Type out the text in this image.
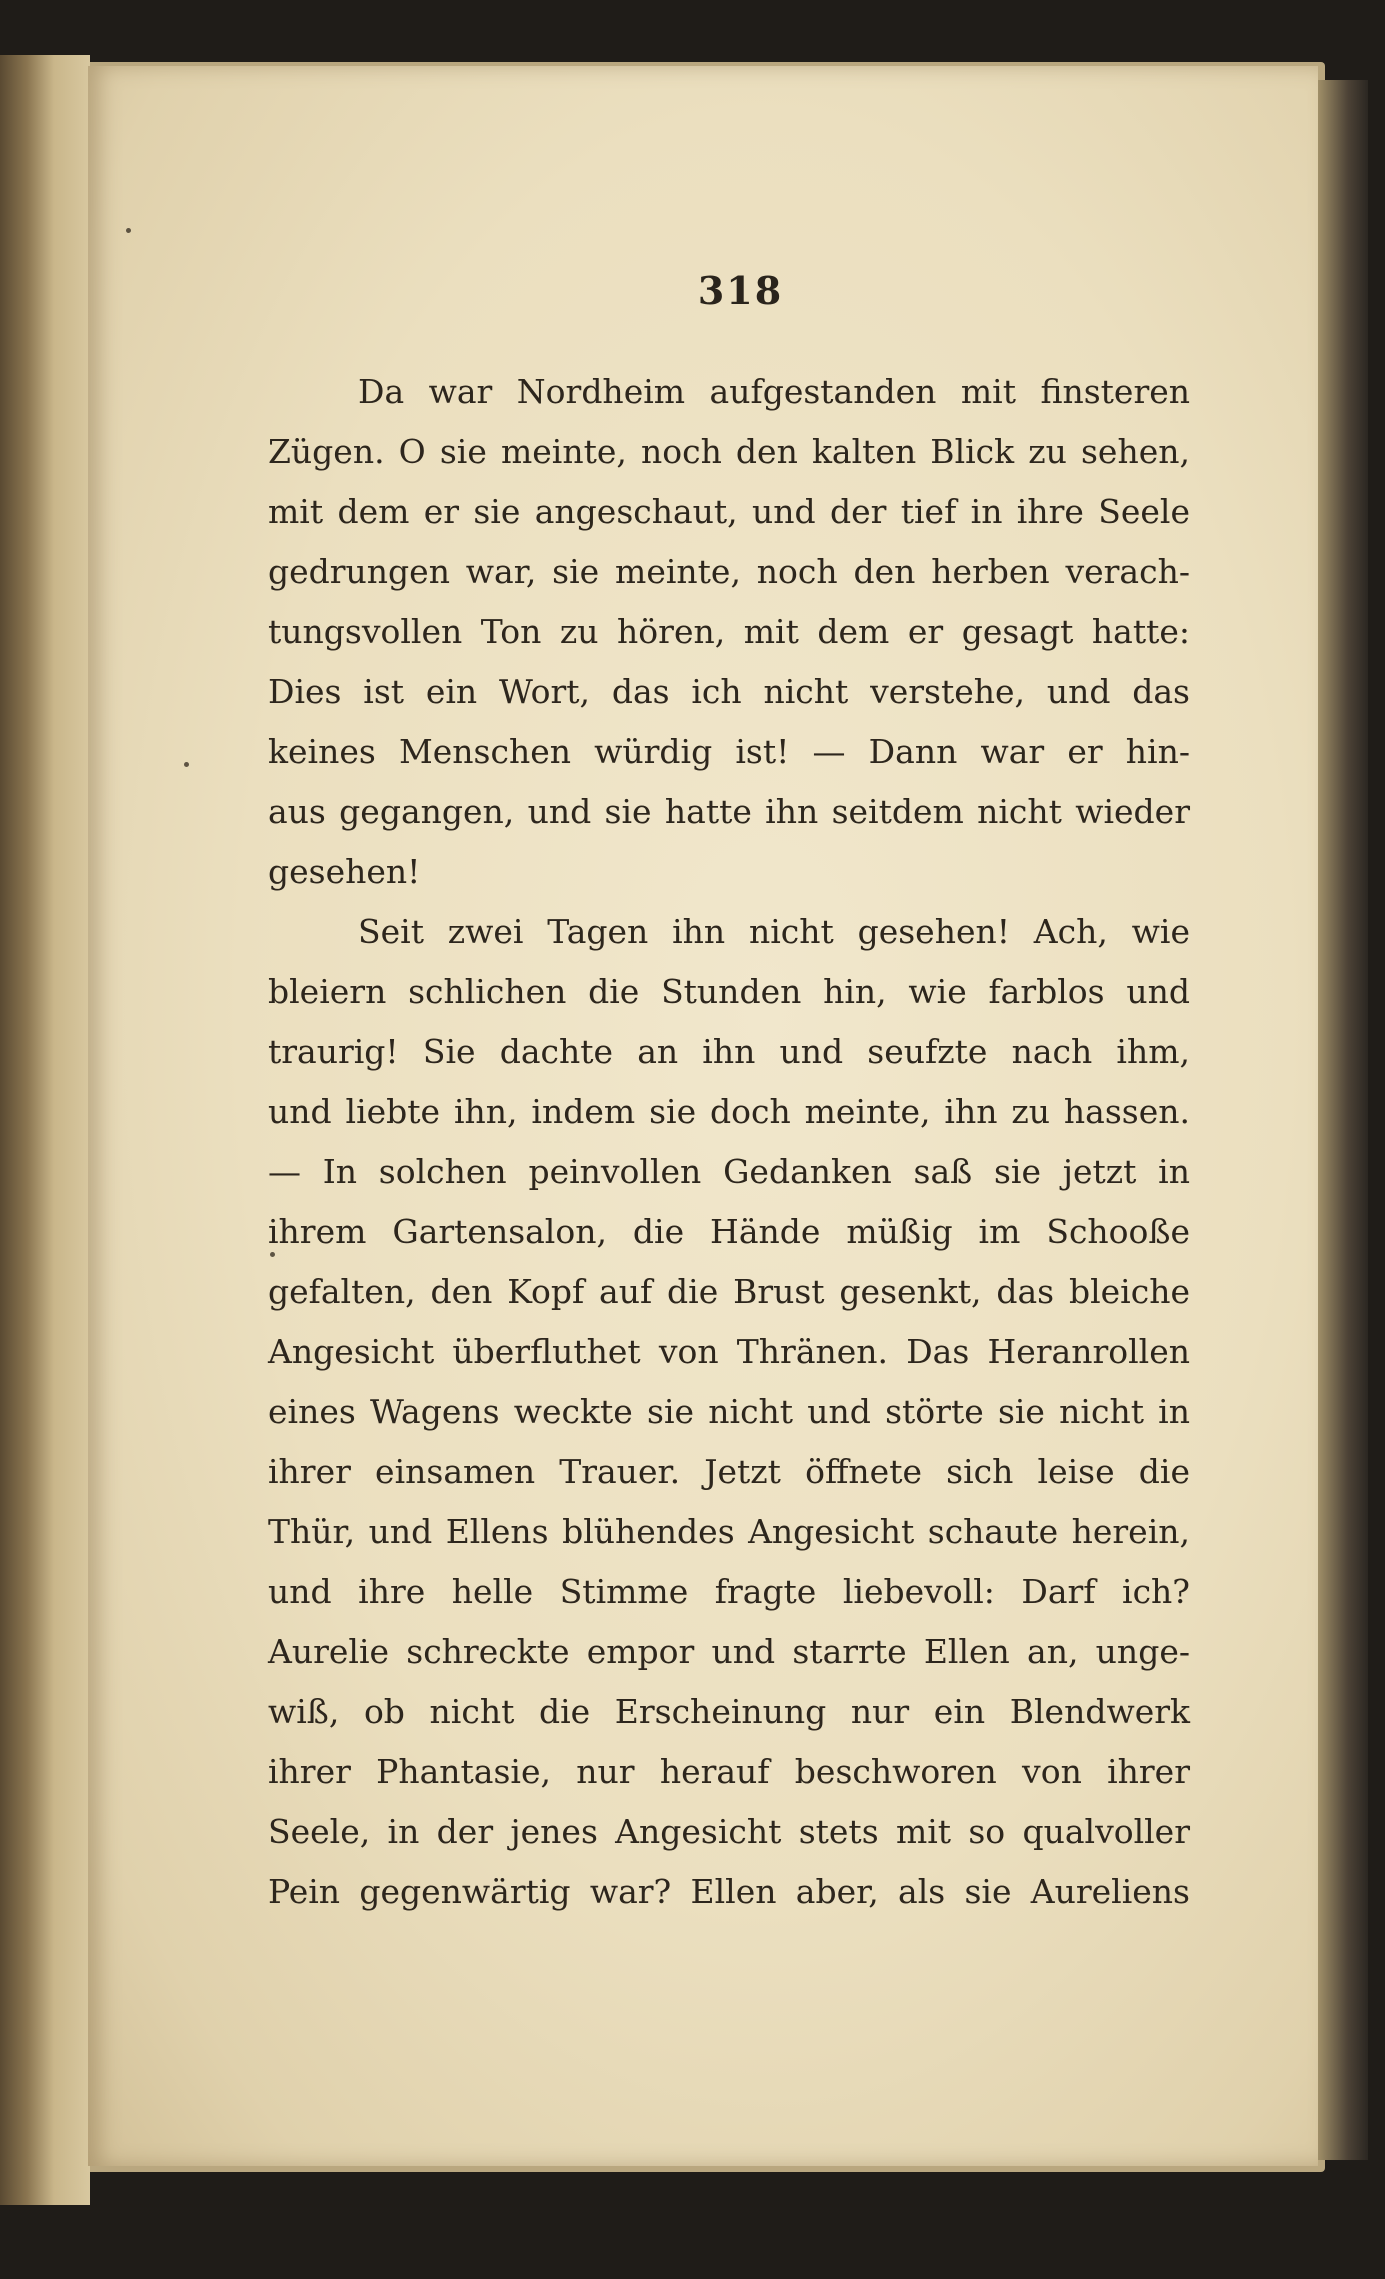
318
Da war Nordheim aufgestanden mit finsteren
Zügen. O sie meinte, noch den kalten Blick zu sehen,
mit dem er sie angeschaut, und der tief in ihre Seele
gedrungen war, sie meinte, noch den herben verach-
tungsvollen Ton zu hören, mit dem er gesagt hatte:
Dies ist ein Wort, das ich nicht verstehe, und das
keines Menschen würdig ist! — Dann war er hin-
aus gegangen, und sie hatte ihn seitdem nicht wieder
gesehen!
Seit zwei Tagen ihn nicht gesehen! Ach, wie
bleiern schlichen die Stunden hin, wie farblos und
traurig! Sie dachte an ihn und seufzte nach ihm,
und liebte ihn, indem sie doch meinte, ihn zu hassen.
— In solchen peinvollen Gedanken saß sie jetzt in
ihrem Gartensalon, die Hände müßig im Schooße
gefalten, den Kopf auf die Brust gesenkt, das bleiche
Angesicht überfluthet von Thränen. Das Heranrollen
eines Wagens weckte sie nicht und störte sie nicht in
ihrer einsamen Trauer. Jetzt öffnete sich leise die
Thür, und Ellens blühendes Angesicht schaute herein,
und ihre helle Stimme fragte liebevoll: Darf ich?
Aurelie schreckte empor und starrte Ellen an, unge-
wiß, ob nicht die Erscheinung nur ein Blendwerk
ihrer Phantasie, nur herauf beschworen von ihrer
Seele, in der jenes Angesicht stets mit so qualvoller
Pein gegenwärtig war? Ellen aber, als sie Aureliens
